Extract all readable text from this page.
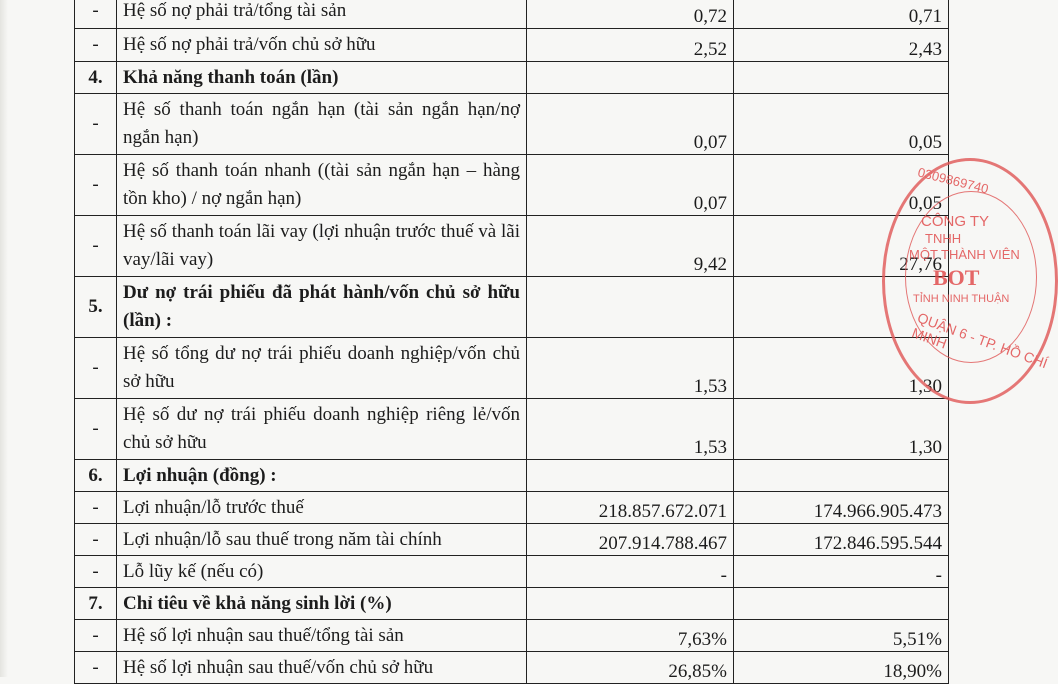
-	Hệ số nợ phải trả/tổng tài sản	0,72	0,71
-	Hệ số nợ phải trả/vốn chủ sở hữu	2,52	2,43
4.	Khả năng thanh toán (lần)		
-	Hệ số thanh toán ngắn hạn (tài sản ngắn hạn/nợ ngắn hạn)	0,07	0,05
-	Hệ số thanh toán nhanh ((tài sản ngắn hạn – hàng tồn kho) / nợ ngắn hạn)	0,07	0,05
-	Hệ số thanh toán lãi vay (lợi nhuận trước thuế và lãi vay/lãi vay)	9,42	27,76
5.	Dư nợ trái phiếu đã phát hành/vốn chủ sở hữu (lần) :		
-	Hệ số tổng dư nợ trái phiếu doanh nghiệp/vốn chủ sở hữu	1,53	1,30
-	Hệ số dư nợ trái phiếu doanh nghiệp riêng lẻ/vốn chủ sở hữu	1,53	1,30
6.	Lợi nhuận (đồng) :		
-	Lợi nhuận/lỗ trước thuế	218.857.672.071	174.966.905.473
-	Lợi nhuận/lỗ sau thuế trong năm tài chính	207.914.788.467	172.846.595.544
-	Lỗ lũy kế (nếu có)	-	-
7.	Chỉ tiêu về khả năng sinh lời (%)		
-	Hệ số lợi nhuận sau thuế/tổng tài sản	7,63%	5,51%
-	Hệ số lợi nhuận sau thuế/vốn chủ sở hữu	26,85%	18,90%
0309869740
CÔNG TY
TNHH
MỘT THÀNH VIÊN
BOT
TỈNH NINH THUẬN
QUẬN 6 - TP. HỒ CHÍ MINH
